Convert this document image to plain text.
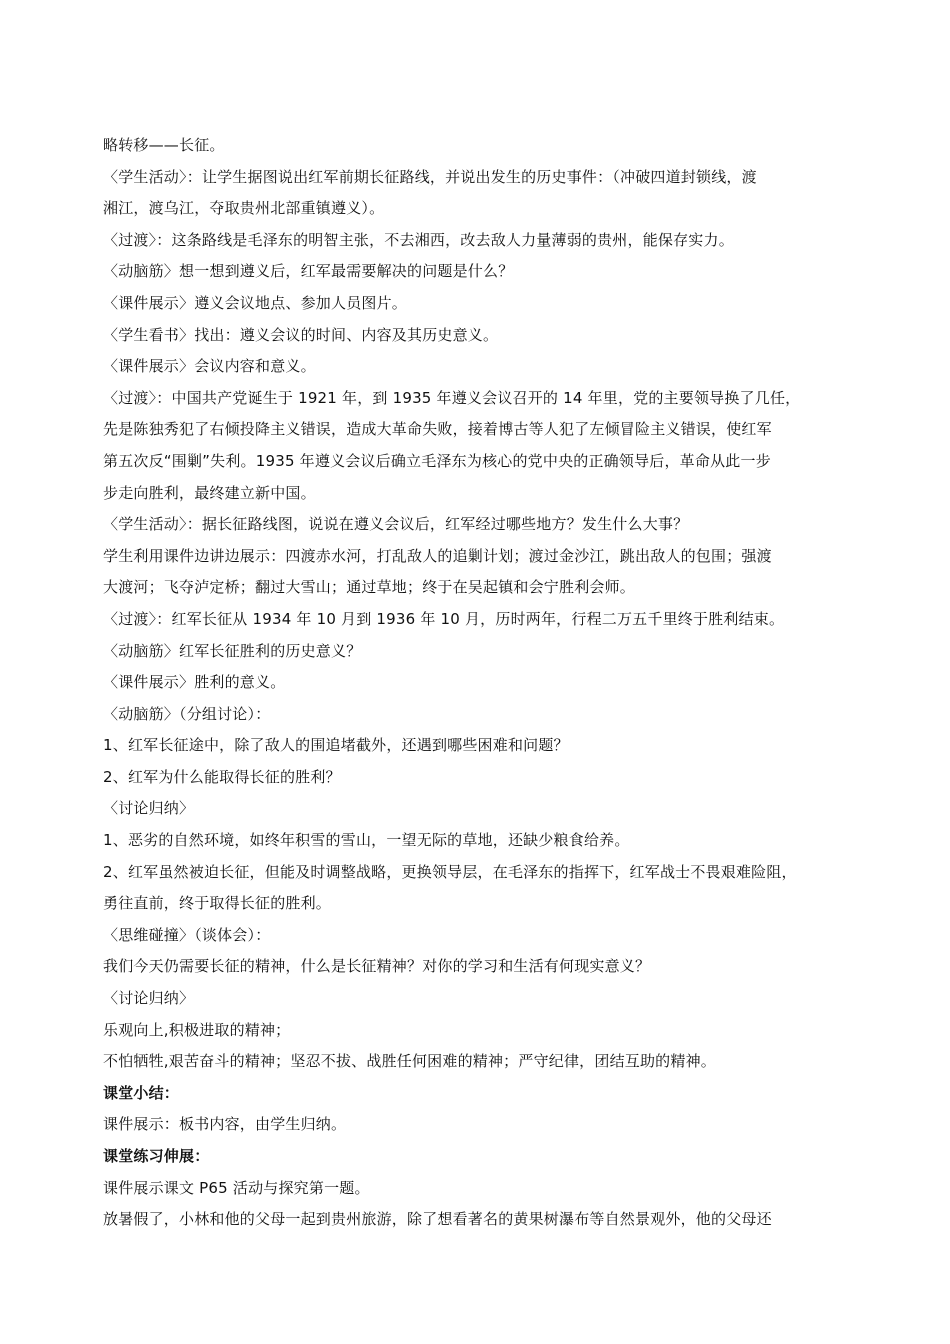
略转移——长征。
〈学生活动〉：让学生据图说出红军前期长征路线，并说出发生的历史事件：（冲破四道封锁线，渡
湘江，渡乌江，夺取贵州北部重镇遵义）。
〈过渡〉：这条路线是毛泽东的明智主张，不去湘西，改去敌人力量薄弱的贵州，能保存实力。
〈动脑筋〉想一想到遵义后，红军最需要解决的问题是什么？
〈课件展示〉遵义会议地点、参加人员图片。
〈学生看书〉找出：遵义会议的时间、内容及其历史意义。
〈课件展示〉会议内容和意义。
〈过渡〉：中国共产党诞生于 1921 年，到 1935 年遵义会议召开的 14 年里，党的主要领导换了几任，
先是陈独秀犯了右倾投降主义错误，造成大革命失败，接着博古等人犯了左倾冒险主义错误，使红军
第五次反“围剿”失利。1935 年遵义会议后确立毛泽东为核心的党中央的正确领导后，革命从此一步
步走向胜利，最终建立新中国。
〈学生活动〉：据长征路线图，说说在遵义会议后，红军经过哪些地方？发生什么大事？
学生利用课件边讲边展示：四渡赤水河，打乱敌人的追剿计划；渡过金沙江，跳出敌人的包围；强渡
大渡河；飞夺泸定桥；翻过大雪山；通过草地；终于在吴起镇和会宁胜利会师。
〈过渡〉：红军长征从 1934 年 10 月到 1936 年 10 月，历时两年，行程二万五千里终于胜利结束。
〈动脑筋〉红军长征胜利的历史意义？
〈课件展示〉胜利的意义。
〈动脑筋〉（分组讨论）：
1、红军长征途中，除了敌人的围追堵截外，还遇到哪些困难和问题？
2、红军为什么能取得长征的胜利？
〈讨论归纳〉
1、恶劣的自然环境，如终年积雪的雪山，一望无际的草地，还缺少粮食给养。
2、红军虽然被迫长征，但能及时调整战略，更换领导层，在毛泽东的指挥下，红军战士不畏艰难险阻，
勇往直前，终于取得长征的胜利。
〈思维碰撞〉（谈体会）：
我们今天仍需要长征的精神，什么是长征精神？对你的学习和生活有何现实意义？
〈讨论归纳〉
乐观向上,积极进取的精神；
不怕牺牲,艰苦奋斗的精神；坚忍不拔、战胜任何困难的精神；严守纪律，团结互助的精神。
课堂小结：
课件展示：板书内容，由学生归纳。
课堂练习伸展：
课件展示课文 P65 活动与探究第一题。
放暑假了，小林和他的父母一起到贵州旅游，除了想看著名的黄果树瀑布等自然景观外，他的父母还
